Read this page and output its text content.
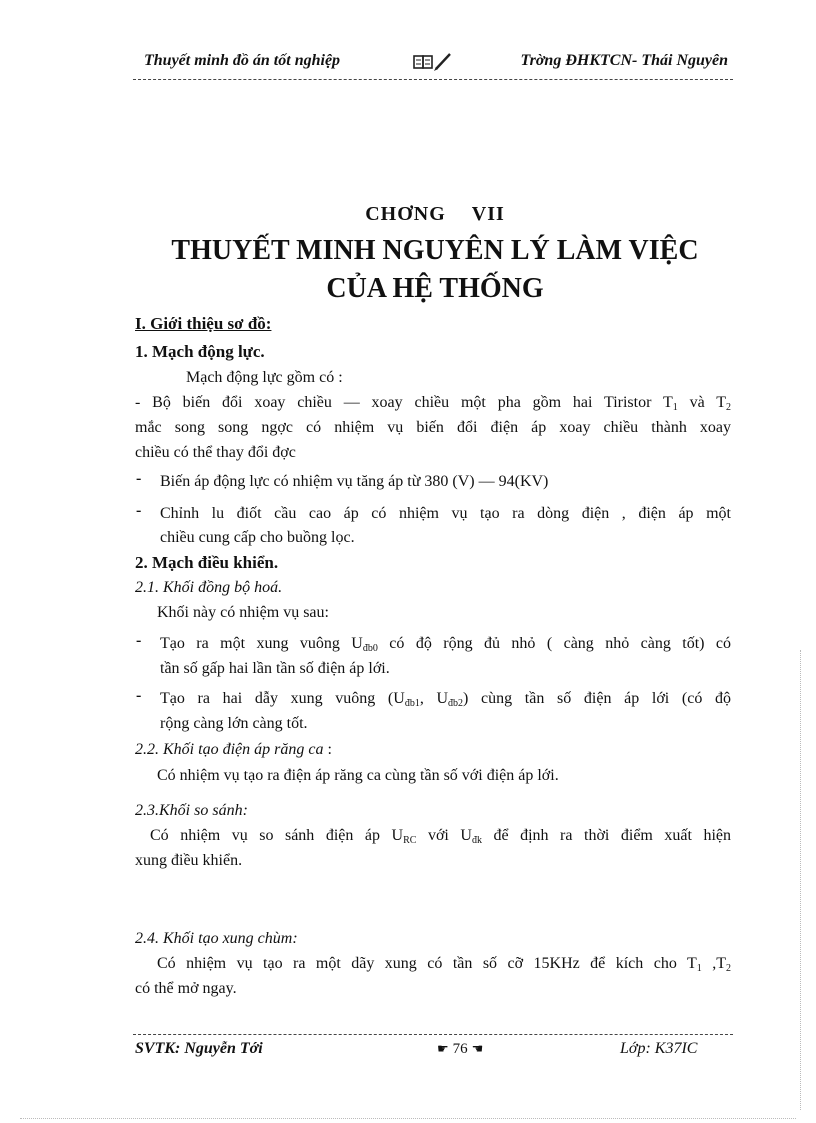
Thuyết minh đồ án tốt nghiệp	Trờng ĐHKTCN- Thái Nguyên
CHƠNG VII
THUYẾT MINH NGUYÊN LÝ LÀM VIỆC
CỦA HỆ THỐNG
I. Giới thiệu sơ đồ:
1. Mạch động lực.
Mạch động lực gồm có :
- Bộ biến đổi xoay chiều — xoay chiều một pha gồm hai Tiristor $T_1$ và $T_2$
mắc song song ngợc có nhiệm vụ biến đổi điện áp xoay chiều thành xoay
chiều có thể thay đổi đợc
- Biến áp động lực có nhiệm vụ tăng áp từ 380 (V) — 94(KV)
- Chỉnh lu điốt cầu cao áp có nhiệm vụ tạo ra dòng điện , điện áp một
chiều cung cấp cho buồng lọc.
2. Mạch điều khiển.
2.1. Khối đồng bộ hoá.
Khối này có nhiệm vụ sau:
- Tạo ra một xung vuông $U_{đb0}$ có độ rộng đủ nhỏ ( càng nhỏ càng tốt) có
tần số gấp hai lần tần số điện áp lới.
- Tạo ra hai dẫy xung vuông ($U_{đb1}$, $U_{đb2}$) cùng tần số điện áp lới (có độ
rộng càng lớn càng tốt.
2.2. Khối tạo điện áp răng ca :
Có nhiệm vụ tạo ra điện áp răng ca cùng tần số với điện áp lới.
2.3.Khối so sánh:
Có nhiệm vụ so sánh điện áp $U_{RC}$ với $U_{đk}$ để định ra thời điểm xuất hiện
xung điều khiển.
2.4. Khối tạo xung chùm:
Có nhiệm vụ tạo ra một dãy xung có tần số cỡ 15KHz để kích cho $T_1$ $,T_2$
có thể mở ngay.
SVTK: Nguyễn Tới	☛ 76 ☚	Lớp: K37IC
